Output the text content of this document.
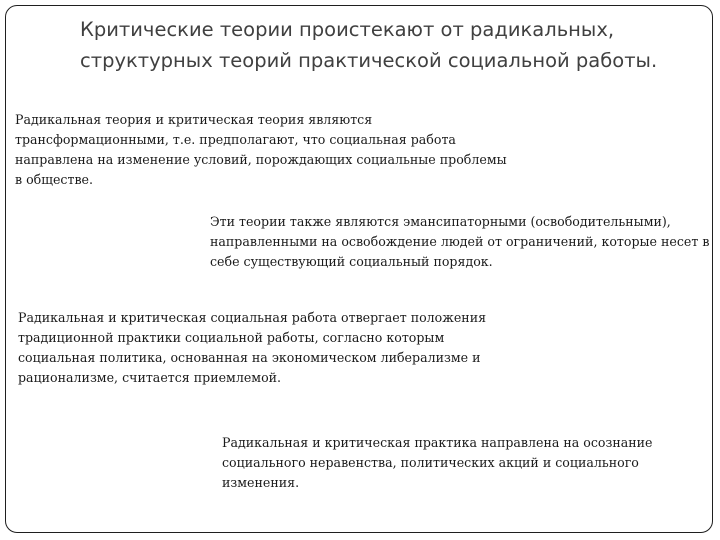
Критические теории проистекают от радикальных, структурных теорий практической социальной работы.

Радикальная теория и критическая теория являются трансформационными, т.е. предполагают, что социальная работа направлена на изменение условий, порождающих социальные проблемы в обществе.

Эти теории также являются эмансипаторными (освободительными), направленными на освобождение людей от ограничений, которые несет в себе существующий социальный порядок.

Радикальная и критическая социальная работа отвергает положения традиционной практики социальной работы, согласно которым социальная политика, основанная на экономическом либерализме и рационализме, считается приемлемой.

Радикальная и критическая практика направлена на осознание социального неравенства, политических акций и социального изменения.
